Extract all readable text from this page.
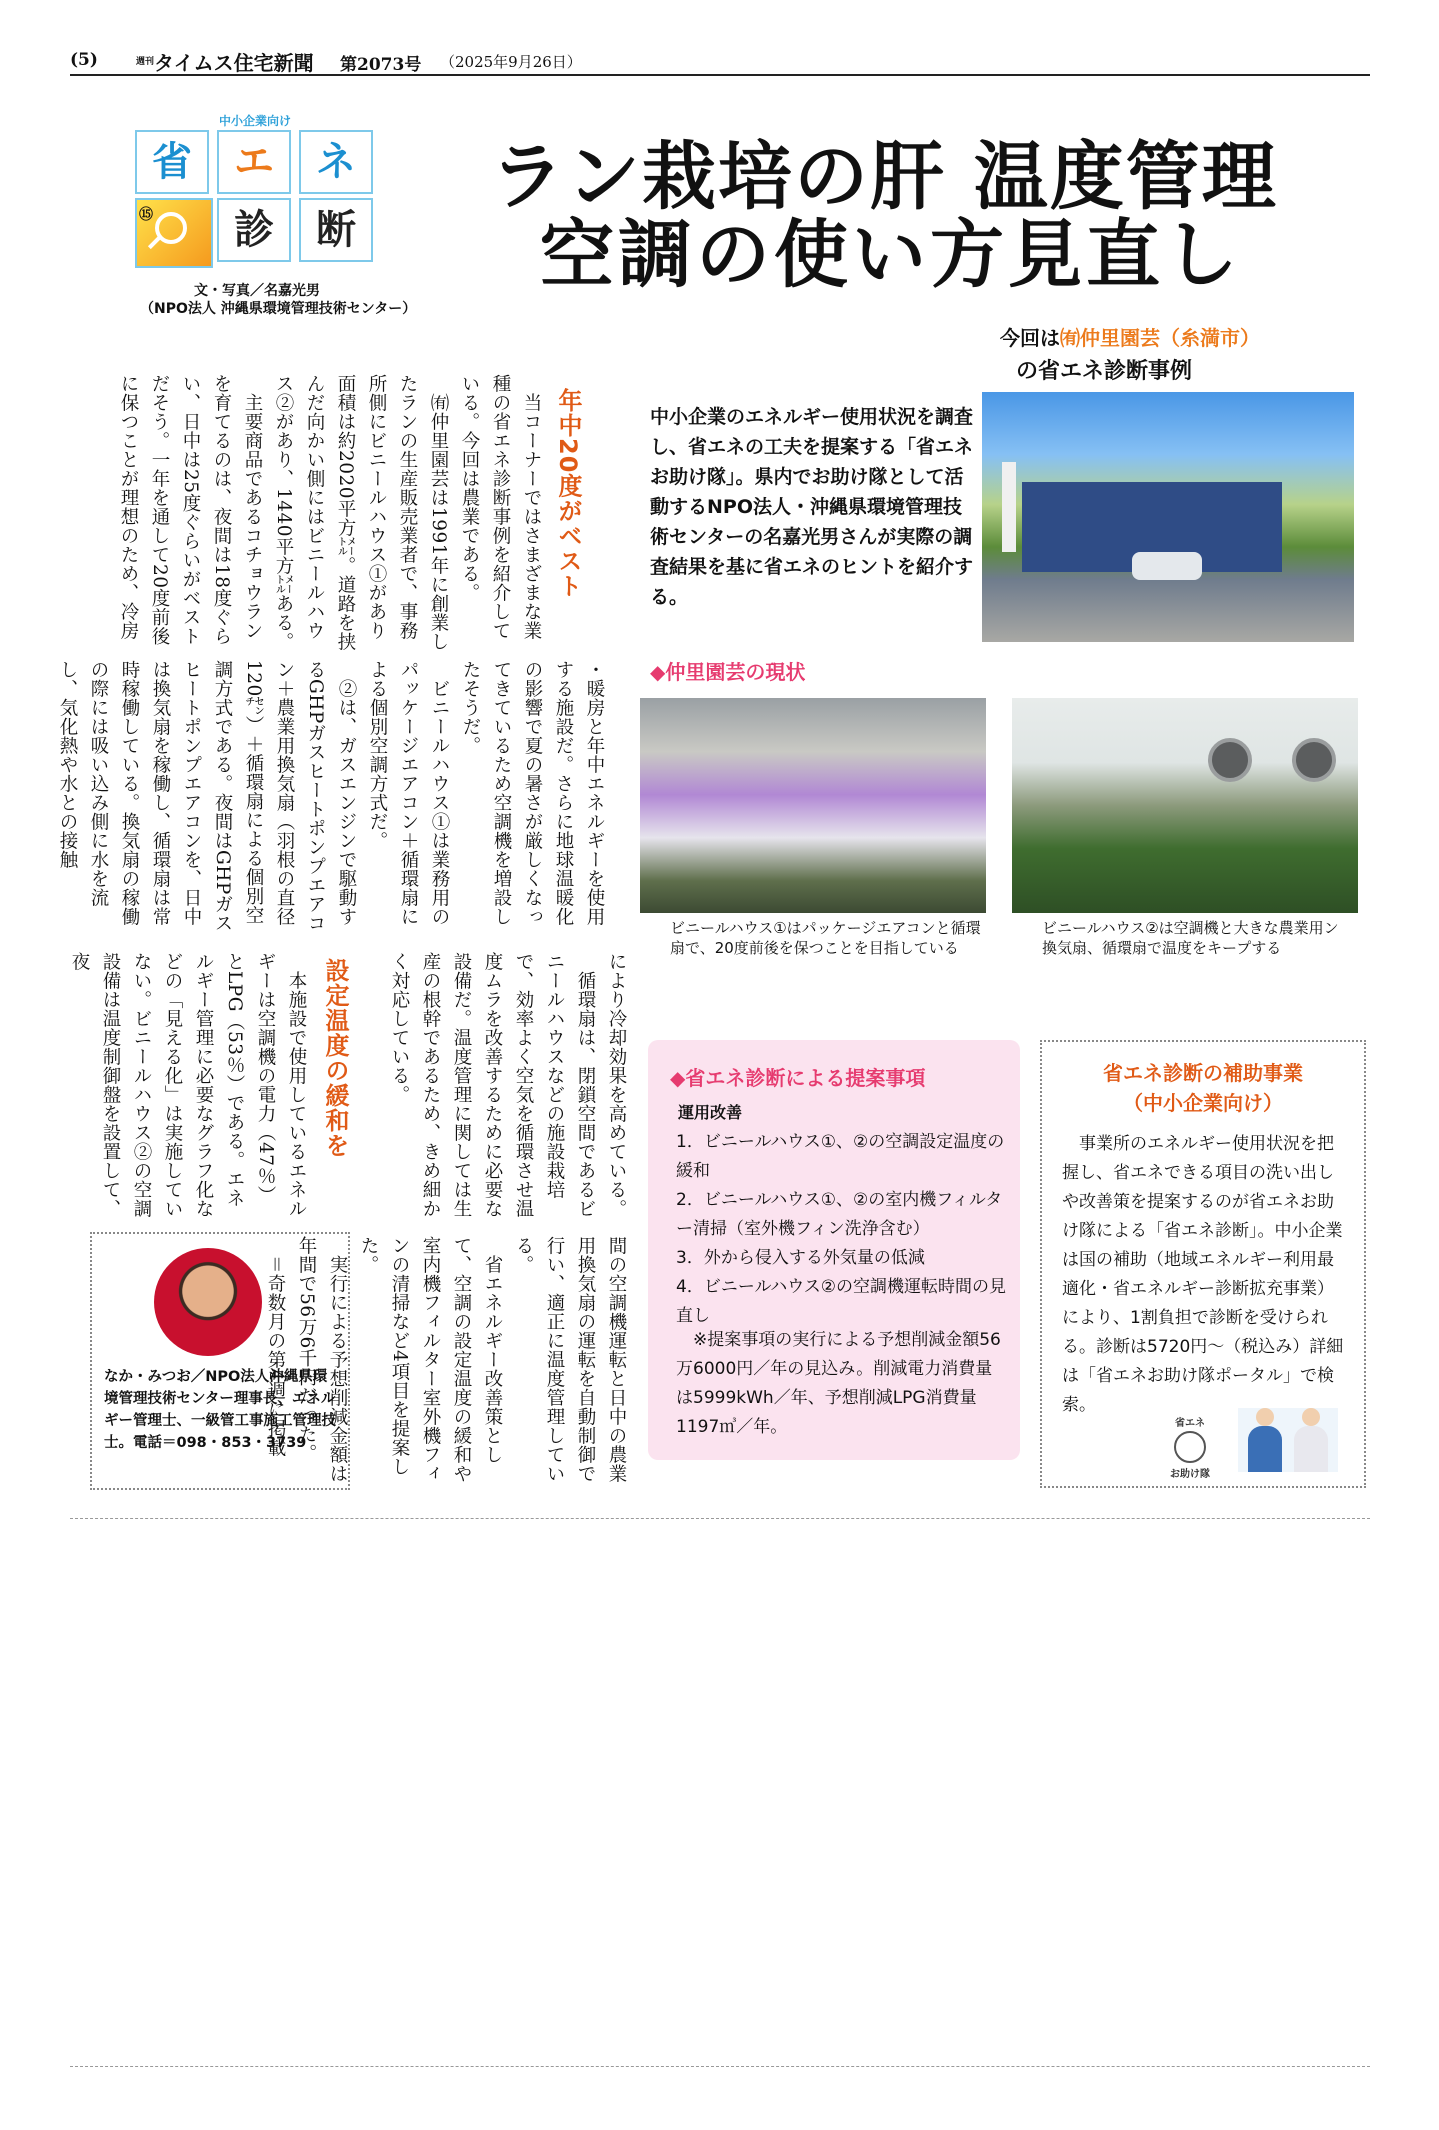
(5)	週刊 タイムス住宅新聞 第2073号 （2025年9月26日）
中小企業向け
省	エ	ネ
⑮	診	断
文・写真／名嘉光男
（NPO法人 沖縄県環境管理技術センター）
ラン栽培の肝 温度管理
空調の使い方見直し
今回は㈲仲里園芸（糸満市）
の省エネ診断事例
中小企業のエネルギー使用状況を調査し、省エネの工夫を提案する「省エネお助け隊」。県内でお助け隊として活動するNPO法人・沖縄県環境管理技術センターの名嘉光男さんが実際の調査結果を基に省エネのヒントを紹介する。
◆仲里園芸の現状
ビニールハウス①はパッケージエアコンと循環扇で、20度前後を保つことを目指している
ビニールハウス②は空調機と大きな農業用ン換気扇、循環扇で温度をキープする
年中20度がベスト

当コーナーではさまざまな業種の省エネ診断事例を紹介している。今回は農業である。

㈲仲里園芸は1991年に創業したランの生産販売業者で、事務所側にビニールハウス①があり面積は約2020平方㍍。道路を挟んだ向かい側にはビニールハウス②があり、1440平方㍍ある。

主要商品であるコチョウランを育てるのは、夜間は18度ぐらい、日中は25度ぐらいがベストだそう。一年を通して20度前後に保つことが理想のため、冷房

・暖房と年中エネルギーを使用する施設だ。さらに地球温暖化の影響で夏の暑さが厳しくなってきているため空調機を増設したそうだ。

ビニールハウス①は業務用のパッケージエアコン＋循環扇による個別空調方式だ。

②は、ガスエンジンで駆動するGHPガスヒートポンプエアコン＋農業用換気扇（羽根の直径120㌢）＋循環扇による個別空調方式である。夜間はGHPガスヒートポンプエアコンを、日中は換気扇を稼働し、循環扇は常時稼働している。換気扇の稼働の際には吸い込み側に水を流し、気化熱や水との接触

により冷却効果を高めている。

循環扇は、閉鎖空間であるビニールハウスなどの施設栽培で、効率よく空気を循環させ温度ムラを改善するために必要な設備だ。温度管理に関しては生産の根幹であるため、きめ細かく対応している。

設定温度の緩和を

本施設で使用しているエネルギーは空調機の電力（47％）とLPG（53％）である。エネルギー管理に必要なグラフ化などの「見える化」は実施していない。ビニールハウス②の空調設備は温度制御盤を設置して、夜

間の空調機運転と日中の農業用換気扇の運転を自動制御で行い、適正に温度管理している。

省エネルギー改善策として、空調の設定温度の緩和や室内機フィルター室外機フィンの清掃など4項目を提案した。

実行による予想削減金額は年間で56万6千円だった。

＝奇数月の第4週に掲載

◆省エネ診断による提案事項
運用改善
1．ビニールハウス①、②の空調設定温度の緩和
2．ビニールハウス①、②の室内機フィルター清掃（室外機フィン洗浄含む）
3．外から侵入する外気量の低減
4．ビニールハウス②の空調機運転時間の見直し
※提案事項の実行による予想削減金額56万6000円／年の見込み。削減電力消費量は5999kWh／年、予想削減LPG消費量1197㎥／年。
省エネ診断の補助事業
（中小企業向け）
事業所のエネルギー使用状況を把握し、省エネできる項目の洗い出しや改善策を提案するのが省エネお助け隊による「省エネ診断」。中小企業は国の補助（地域エネルギー利用最適化・省エネルギー診断拡充事業）により、1割負担で診断を受けられる。診断は5720円～（税込み）詳細は「省エネお助け隊ポータル」で検索。
省エネ
お助け隊
なか・みつお／NPO法人沖縄県環境管理技術センター理事長、エネルギー管理士、一級管工事施工管理技士。電話＝098・853・3739
